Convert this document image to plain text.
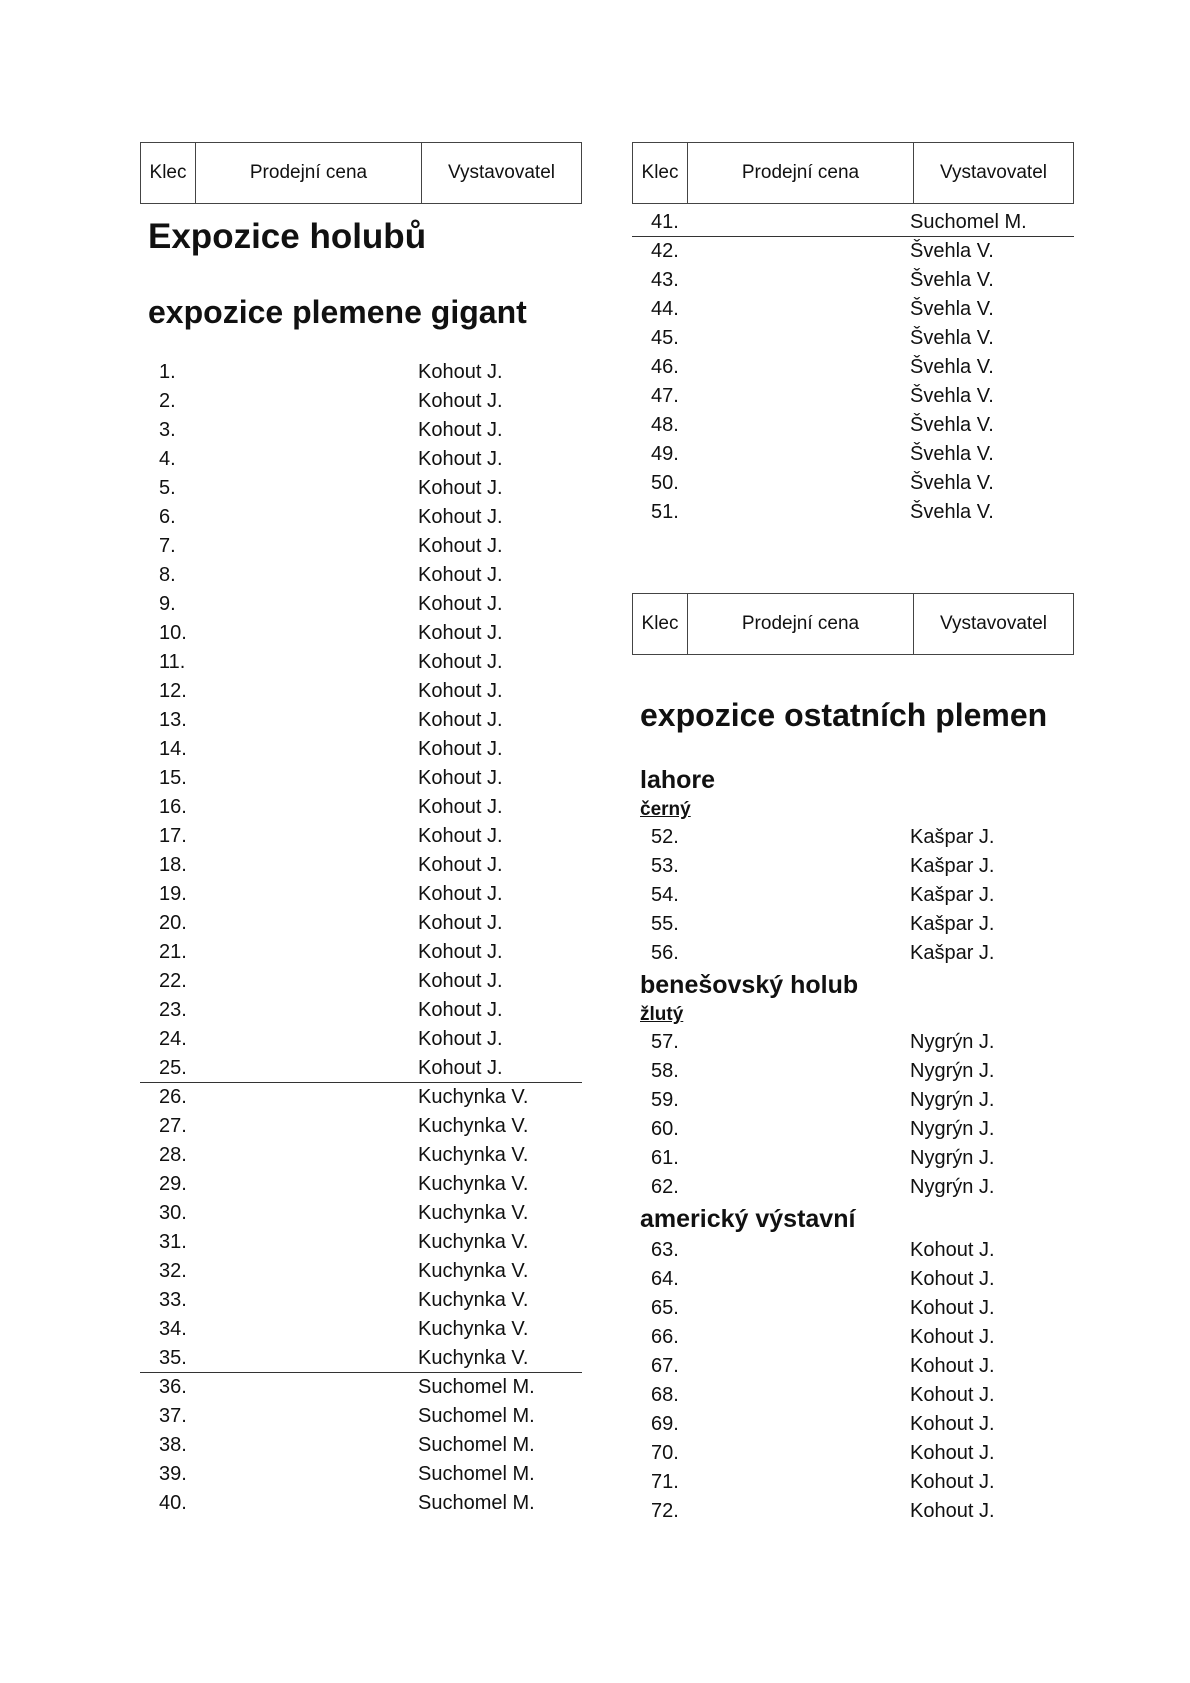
Klec	Prodejní cena	Vystavovatel
Expozice holubů
expozice plemene gigant
1.	Kohout J.
2.	Kohout J.
3.	Kohout J.
4.	Kohout J.
5.	Kohout J.
6.	Kohout J.
7.	Kohout J.
8.	Kohout J.
9.	Kohout J.
10.	Kohout J.
11.	Kohout J.
12.	Kohout J.
13.	Kohout J.
14.	Kohout J.
15.	Kohout J.
16.	Kohout J.
17.	Kohout J.
18.	Kohout J.
19.	Kohout J.
20.	Kohout J.
21.	Kohout J.
22.	Kohout J.
23.	Kohout J.
24.	Kohout J.
25.	Kohout J.
26.	Kuchynka V.
27.	Kuchynka V.
28.	Kuchynka V.
29.	Kuchynka V.
30.	Kuchynka V.
31.	Kuchynka V.
32.	Kuchynka V.
33.	Kuchynka V.
34.	Kuchynka V.
35.	Kuchynka V.
36.	Suchomel M.
37.	Suchomel M.
38.	Suchomel M.
39.	Suchomel M.
40.	Suchomel M.
Klec	Prodejní cena	Vystavovatel
41.	Suchomel M.
42.	Švehla V.
43.	Švehla V.
44.	Švehla V.
45.	Švehla V.
46.	Švehla V.
47.	Švehla V.
48.	Švehla V.
49.	Švehla V.
50.	Švehla V.
51.	Švehla V.
Klec	Prodejní cena	Vystavovatel
expozice ostatních plemen
lahore
černý
52.	Kašpar J.
53.	Kašpar J.
54.	Kašpar J.
55.	Kašpar J.
56.	Kašpar J.
benešovský holub
žlutý
57.	Nygrýn J.
58.	Nygrýn J.
59.	Nygrýn J.
60.	Nygrýn J.
61.	Nygrýn J.
62.	Nygrýn J.
americký výstavní
63.	Kohout J.
64.	Kohout J.
65.	Kohout J.
66.	Kohout J.
67.	Kohout J.
68.	Kohout J.
69.	Kohout J.
70.	Kohout J.
71.	Kohout J.
72.	Kohout J.
